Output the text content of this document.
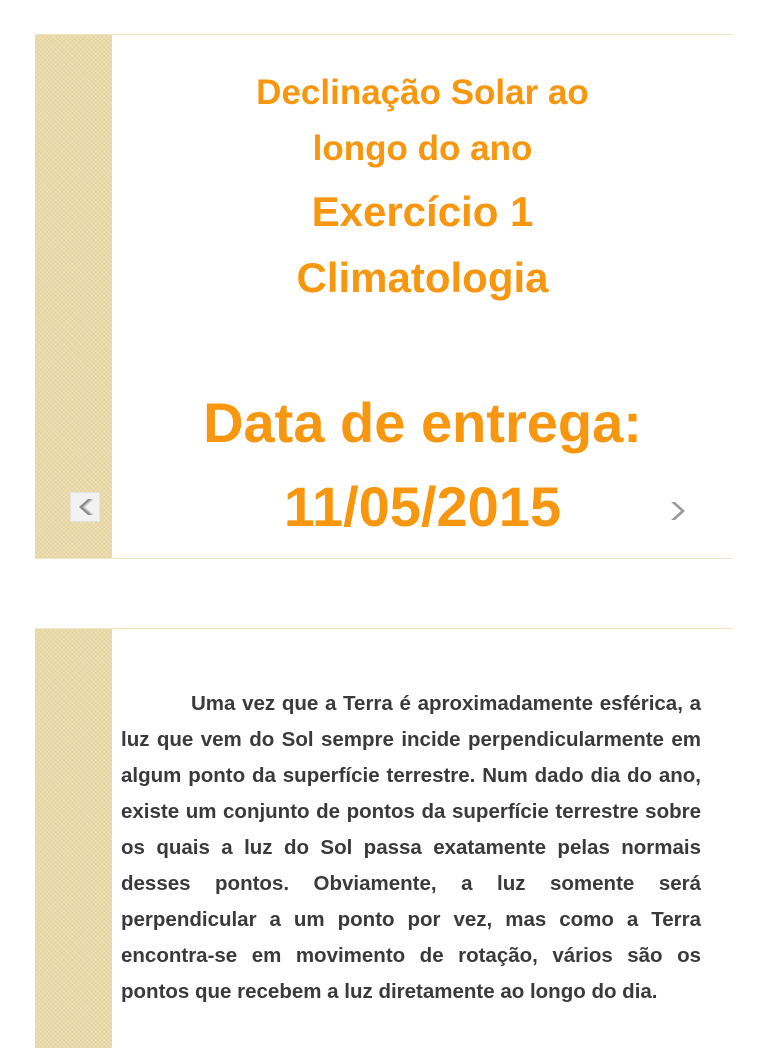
Declinação Solar ao
longo do ano
Exercício 1
Climatologia
Data de entrega:
11/05/2015

Uma vez que a Terra é aproximadamente esférica, a luz que vem do Sol sempre incide perpendicularmente em algum ponto da superfície terrestre. Num dado dia do ano, existe um conjunto de pontos da superfície terrestre sobre os quais a luz do Sol passa exatamente pelas normais desses pontos. Obviamente, a luz somente será perpendicular a um ponto por vez, mas como a Terra encontra-se em movimento de rotação, vários são os pontos que recebem a luz diretamente ao longo do dia.
